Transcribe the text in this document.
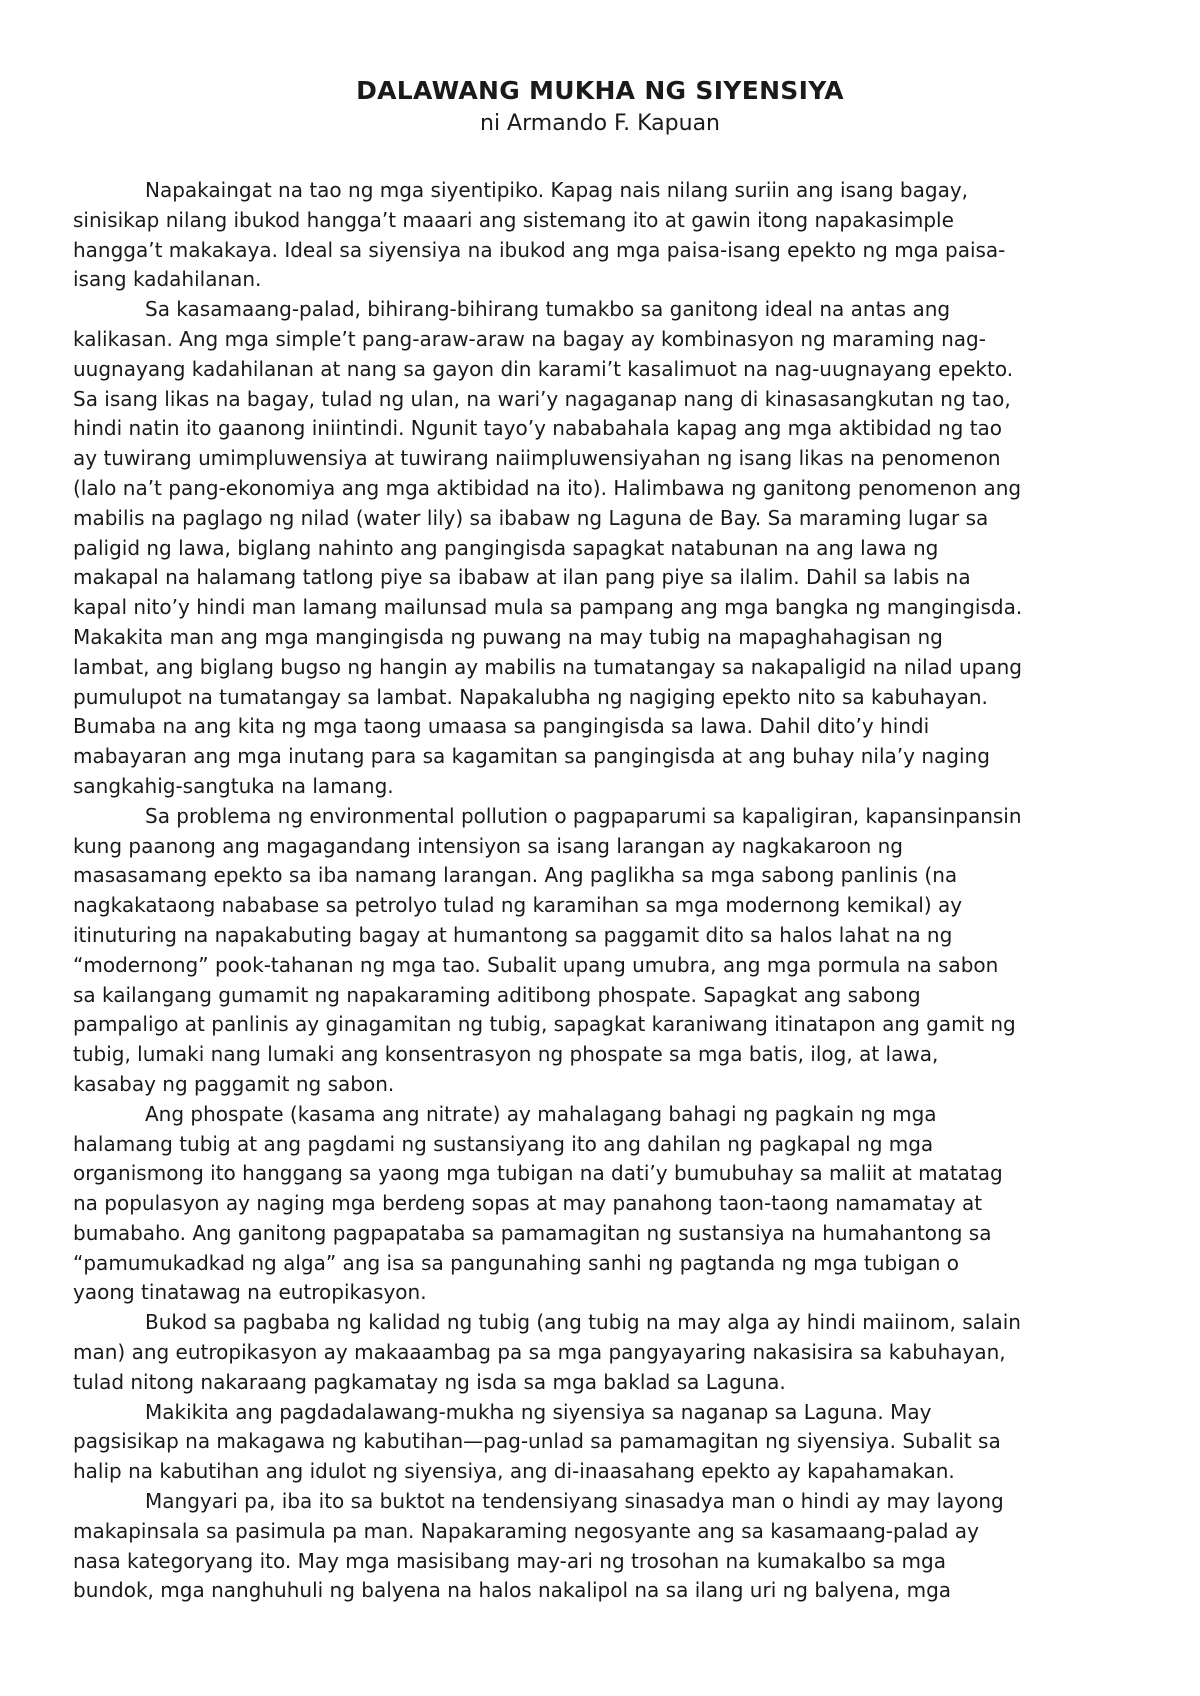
DALAWANG MUKHA NG SIYENSIYA
ni Armando F. Kapuan
Napakaingat na tao ng mga siyentipiko. Kapag nais nilang suriin ang isang bagay,
sinisikap nilang ibukod hangga’t maaari ang sistemang ito at gawin itong napakasimple
hangga’t makakaya. Ideal sa siyensiya na ibukod ang mga paisa-isang epekto ng mga paisa-
isang kadahilanan.
Sa kasamaang-palad, bihirang-bihirang tumakbo sa ganitong ideal na antas ang
kalikasan. Ang mga simple’t pang-araw-araw na bagay ay kombinasyon ng maraming nag-
uugnayang kadahilanan at nang sa gayon din karami’t kasalimuot na nag-uugnayang epekto.
Sa isang likas na bagay, tulad ng ulan, na wari’y nagaganap nang di kinasasangkutan ng tao,
hindi natin ito gaanong iniintindi. Ngunit tayo’y nababahala kapag ang mga aktibidad ng tao
ay tuwirang umimpluwensiya at tuwirang naiimpluwensiyahan ng isang likas na penomenon
(lalo na’t pang-ekonomiya ang mga aktibidad na ito). Halimbawa ng ganitong penomenon ang
mabilis na paglago ng nilad (water lily) sa ibabaw ng Laguna de Bay. Sa maraming lugar sa
paligid ng lawa, biglang nahinto ang pangingisda sapagkat natabunan na ang lawa ng
makapal na halamang tatlong piye sa ibabaw at ilan pang piye sa ilalim. Dahil sa labis na
kapal nito’y hindi man lamang mailunsad mula sa pampang ang mga bangka ng mangingisda.
Makakita man ang mga mangingisda ng puwang na may tubig na mapaghahagisan ng
lambat, ang biglang bugso ng hangin ay mabilis na tumatangay sa nakapaligid na nilad upang
pumulupot na tumatangay sa lambat. Napakalubha ng nagiging epekto nito sa kabuhayan.
Bumaba na ang kita ng mga taong umaasa sa pangingisda sa lawa. Dahil dito’y hindi
mabayaran ang mga inutang para sa kagamitan sa pangingisda at ang buhay nila’y naging
sangkahig-sangtuka na lamang.
Sa problema ng environmental pollution o pagpaparumi sa kapaligiran, kapansinpansin
kung paanong ang magagandang intensiyon sa isang larangan ay nagkakaroon ng
masasamang epekto sa iba namang larangan. Ang paglikha sa mga sabong panlinis (na
nagkakataong nababase sa petrolyo tulad ng karamihan sa mga modernong kemikal) ay
itinuturing na napakabuting bagay at humantong sa paggamit dito sa halos lahat na ng
“modernong” pook-tahanan ng mga tao. Subalit upang umubra, ang mga pormula na sabon
sa kailangang gumamit ng napakaraming aditibong phospate. Sapagkat ang sabong
pampaligo at panlinis ay ginagamitan ng tubig, sapagkat karaniwang itinatapon ang gamit ng
tubig, lumaki nang lumaki ang konsentrasyon ng phospate sa mga batis, ilog, at lawa,
kasabay ng paggamit ng sabon.
Ang phospate (kasama ang nitrate) ay mahalagang bahagi ng pagkain ng mga
halamang tubig at ang pagdami ng sustansiyang ito ang dahilan ng pagkapal ng mga
organismong ito hanggang sa yaong mga tubigan na dati’y bumubuhay sa maliit at matatag
na populasyon ay naging mga berdeng sopas at may panahong taon-taong namamatay at
bumabaho. Ang ganitong pagpapataba sa pamamagitan ng sustansiya na humahantong sa
“pamumukadkad ng alga” ang isa sa pangunahing sanhi ng pagtanda ng mga tubigan o
yaong tinatawag na eutropikasyon.
Bukod sa pagbaba ng kalidad ng tubig (ang tubig na may alga ay hindi maiinom, salain
man) ang eutropikasyon ay makaaambag pa sa mga pangyayaring nakasisira sa kabuhayan,
tulad nitong nakaraang pagkamatay ng isda sa mga baklad sa Laguna.
Makikita ang pagdadalawang-mukha ng siyensiya sa naganap sa Laguna. May
pagsisikap na makagawa ng kabutihan—pag-unlad sa pamamagitan ng siyensiya. Subalit sa
halip na kabutihan ang idulot ng siyensiya, ang di-inaasahang epekto ay kapahamakan.
Mangyari pa, iba ito sa buktot na tendensiyang sinasadya man o hindi ay may layong
makapinsala sa pasimula pa man. Napakaraming negosyante ang sa kasamaang-palad ay
nasa kategoryang ito. May mga masisibang may-ari ng trosohan na kumakalbo sa mga
bundok, mga nanghuhuli ng balyena na halos nakalipol na sa ilang uri ng balyena, mga
